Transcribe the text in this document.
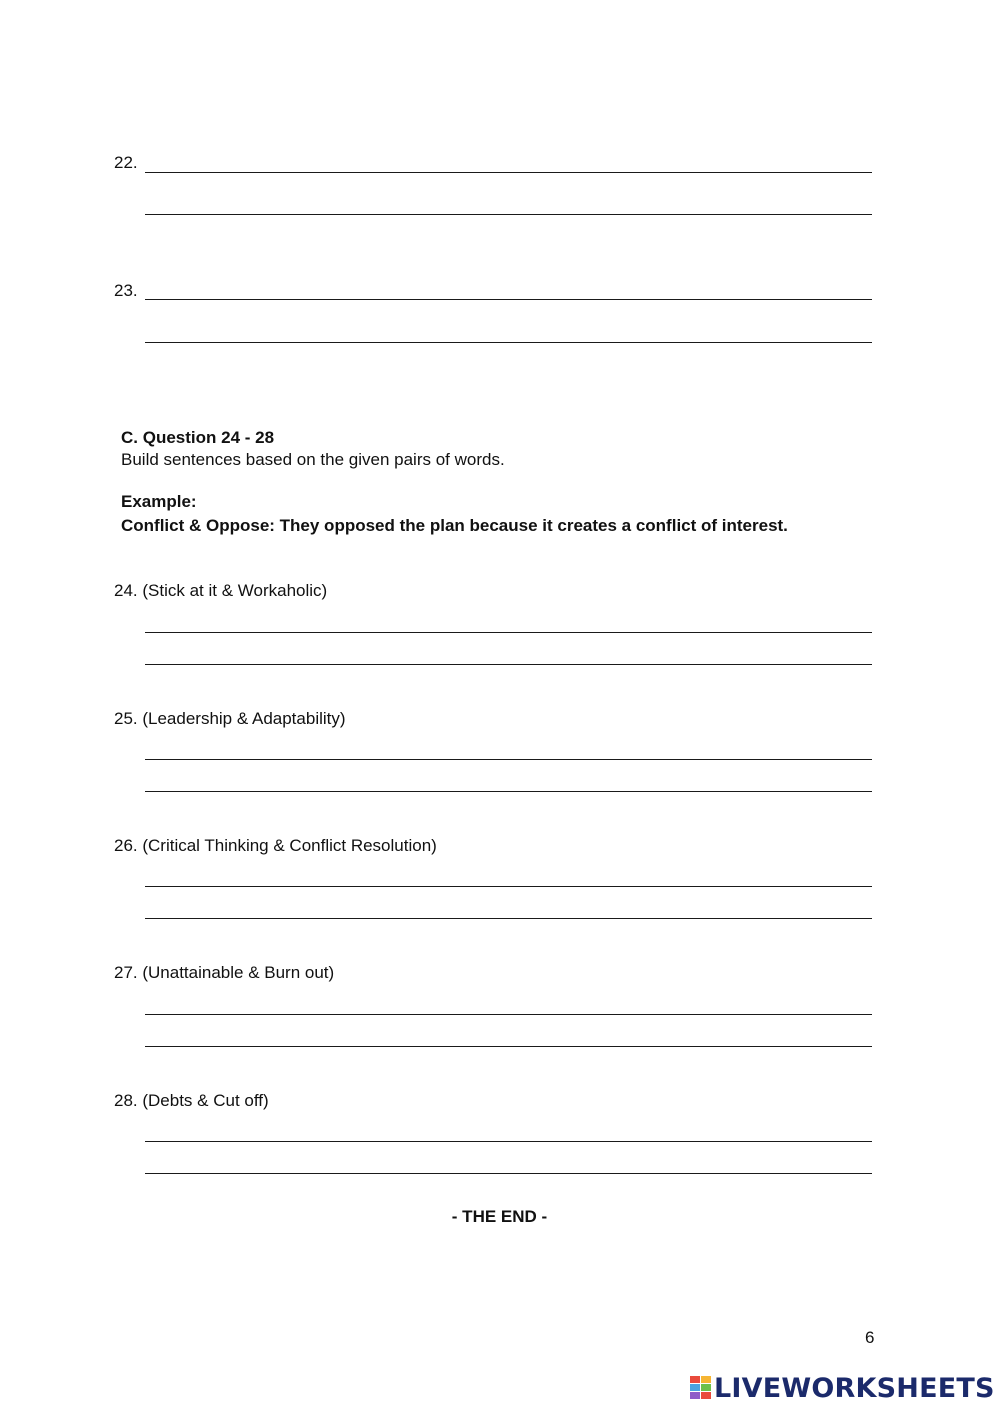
22.
23.
C. Question 24 - 28
Build sentences based on the given pairs of words.
Example:
Conflict & Oppose: They opposed the plan because it creates a conflict of interest.
24. (Stick at it & Workaholic)
25. (Leadership & Adaptability)
26. (Critical Thinking & Conflict Resolution)
27. (Unattainable & Burn out)
28. (Debts & Cut off)
- THE END -
6
LIVEWORKSHEETS
